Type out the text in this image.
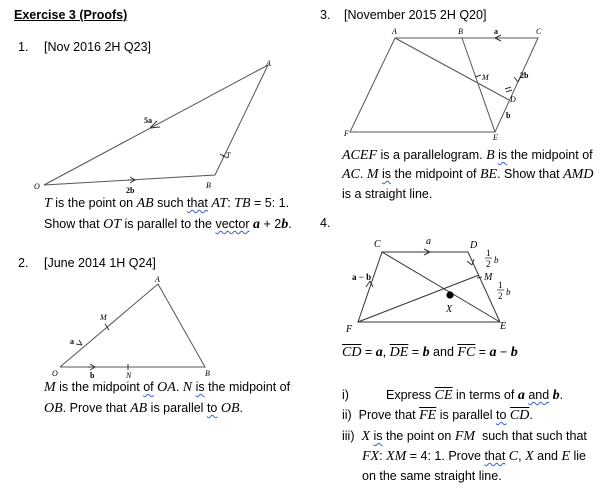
Exercise 3 (Proofs)
1. [Nov 2016 2H Q23]
O
A
B
T
5a
2b
T is the point on AB such that AT: TB = 5: 1.
Show that OT is parallel to the vector a + 2b.
2. [June 2014 1H Q24]
O
A
B
M
N
a
b
M is the midpoint of OA. N is the midpoint of
OB. Prove that AB is parallel to OB.
3. [November 2015 2H Q20]
A	B	C
F	E
M
D
a
2b
b
ACEF is a parallelogram. B is the midpoint of
AC. M is the midpoint of BE. Show that AMD
is a straight line.
4.
C	D
a
M
X
E
F
a − b
1
2 b
1
2 b
$\overline{CD} = a$, $\overline{DE} = b$ and $\overline{FC} = a - b$
i)	Express $\overline{CE}$ in terms of a and b.
ii)  Prove that $\overline{FE}$ is parallel to $\overline{CD}$.
iii) X is the point on FM  such that such that
FX: XM = 4: 1. Prove that C, X and E lie
on the same straight line.
